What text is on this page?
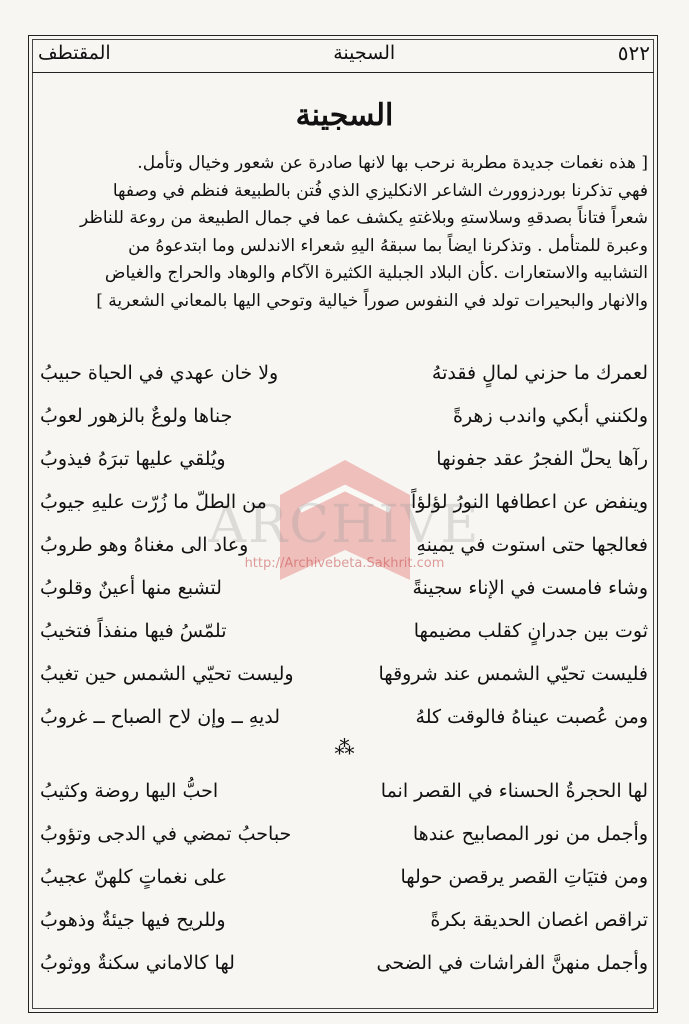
٥٢٢
السجينة
المقتطف
ARCHIVE
http://Archivebeta.Sakhrit.com
السجينة
[ هذه نغمات جديدة مطربة نرحب بها لانها صادرة عن شعور وخيال وتأمل.
فهي تذكرنا بوردزوورث الشاعر الانكليزي الذي فُتن بالطبيعة فنظم في وصفها
شعراً فتاناً بصدقهِ وسلاستهِ وبلاغتهِ يكشف عما في جمال الطبيعة من روعة للناظر
وعبرة للمتأمل . وتذكرنا ايضاً بما سبقهُ اليهِ شعراء الاندلس وما ابتدعوهُ من
التشابيه والاستعارات .كأن البلاد الجبلية الكثيرة الآكام والوهاد والحراج والغياض
والانهار والبحيرات تولد في النفوس صوراً خيالية وتوحي اليها بالمعاني الشعرية ]
لعمرك ما حزني لمالٍ فقدتهُ
ولا خان عهدي في الحياة حبيبُ
ولكنني أبكي واندب زهرةً
جناها ولوعٌ بالزهور لعوبُ
رآها يحلّ الفجرُ عقد جفونها
ويُلقي عليها تبرَهُ فيذوبُ
وينفض عن اعطافها النورُ لؤلؤاً
من الطلّ ما زُرّت عليهِ جيوبُ
فعالجها حتى استوت في يمينهِ
وعاد الى مغناهُ وهو طروبُ
وشاء فامست في الإناء سجينةً
لتشبع منها أعينٌ وقلوبُ
ثوت بين جدرانٍ كقلب مضيمها
تلمّسُ فيها منفذاً فتخيبُ
فليست تحيّي الشمس عند شروقها
وليست تحيّي الشمس حين تغيبُ
ومن عُصبت عيناهُ فالوقت كلهُ
لديهِ ــ وإن لاح الصباح ــ غروبُ
⁂
لها الحجرةُ الحسناء في القصر انما
احبُّ اليها روضة وكثيبُ
وأجمل من نور المصابيح عندها
حباحبُ تمضي في الدجى وتؤوبُ
ومن فتيَاتِ القصر يرقصن حولها
على نغماتٍ كلهنّ عجيبُ
تراقص اغصان الحديقة بكرةً
وللريح فيها جيئةٌ وذهوبُ
وأجمل منهنَّ الفراشات في الضحى
لها كالاماني سكنةٌ ووثوبُ
